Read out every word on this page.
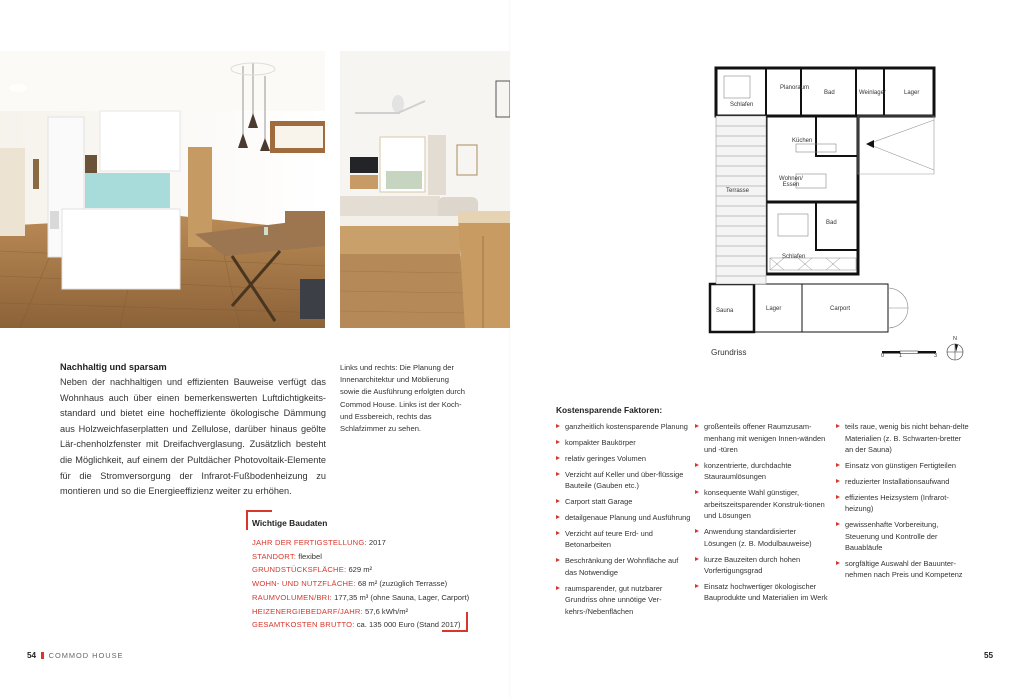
Nachhaltig und sparsam

Neben der nachhaltigen und effizienten Bauweise verfügt das Wohnhaus auch über einen bemerkenswerten Luftdichtigkeits-standard und bietet eine hocheffiziente ökologische Dämmung aus Holzweichfaserplatten und Zellulose, darüber hinaus geölte Lär-chenholzfenster mit Dreifachverglasung. Zusätzlich besteht die Möglichkeit, auf einem der Pultdächer Photovoltaik-Elemente für die Stromversorgung der Infrarot-Fußbodenheizung zu montieren und so die Energieeffizienz weiter zu erhöhen.

Links und rechts: Die Planung der Innenarchitektur und Möblierung sowie die Ausführung erfolgten durch Commod House. Links ist der Koch- und Essbereich, rechts das Schlafzimmer zu sehen.
Wichtige Baudaten
JAHR DER FERTIGSTELLUNG: 2017
STANDORT: flexibel
GRUNDSTÜCKSFLÄCHE: 629 m²
WOHN- UND NUTZFLÄCHE: 68 m² (zuzüglich Terrasse)
RAUMVOLUMEN/BRI: 177,35 m³ (ohne Sauna, Lager, Carport)
HEIZENERGIEBEDARF/JAHR: 57,6 kWh/m²
GESAMTKOSTEN BRUTTO: ca. 135 000 Euro (Stand 2017)
Schlafen
Planoraum
Bad	Weinlager	Lager
Küchen
Wohnen/ Essen
Terrasse
Bad
Schlafen
Sauna	Lager	Carport
Grundriss	0	1	3
N
Kostensparende Faktoren:
ganzheitlich kostensparende Planung
kompakter Baukörper
relativ geringes Volumen
Verzicht auf Keller und über-flüssige Bauteile (Gauben etc.)
Carport statt Garage
detailgenaue Planung und Ausführung
Verzicht auf teure Erd- und Betonarbeiten
Beschränkung der Wohnfläche auf das Notwendige
raumsparender, gut nutzbarer Grundriss ohne unnötige Ver-kehrs-/Nebenflächen
großenteils offener Raumzusam-menhang mit wenigen Innen-wänden und -türen
konzentrierte, durchdachte Stauraumlösungen
konsequente Wahl günstiger, arbeitszeitsparender Konstruk-tionen und Lösungen
Anwendung standardisierter Lösungen (z. B. Modulbauweise)
kurze Bauzeiten durch hohen Vorfertigungsgrad
Einsatz hochwertiger ökologischer Bauprodukte und Materialien im Werk
teils raue, wenig bis nicht behan-delte Materialien (z. B. Schwarten-bretter an der Sauna)
Einsatz von günstigen Fertigteilen
reduzierter Installationsaufwand
effizientes Heizsystem (Infrarot-heizung)
gewissenhafte Vorbereitung, Steuerung und Kontrolle der Bauabläufe
sorgfältige Auswahl der Bauunter-nehmen nach Preis und Kompetenz
54 COMMOD HOUSE	55
